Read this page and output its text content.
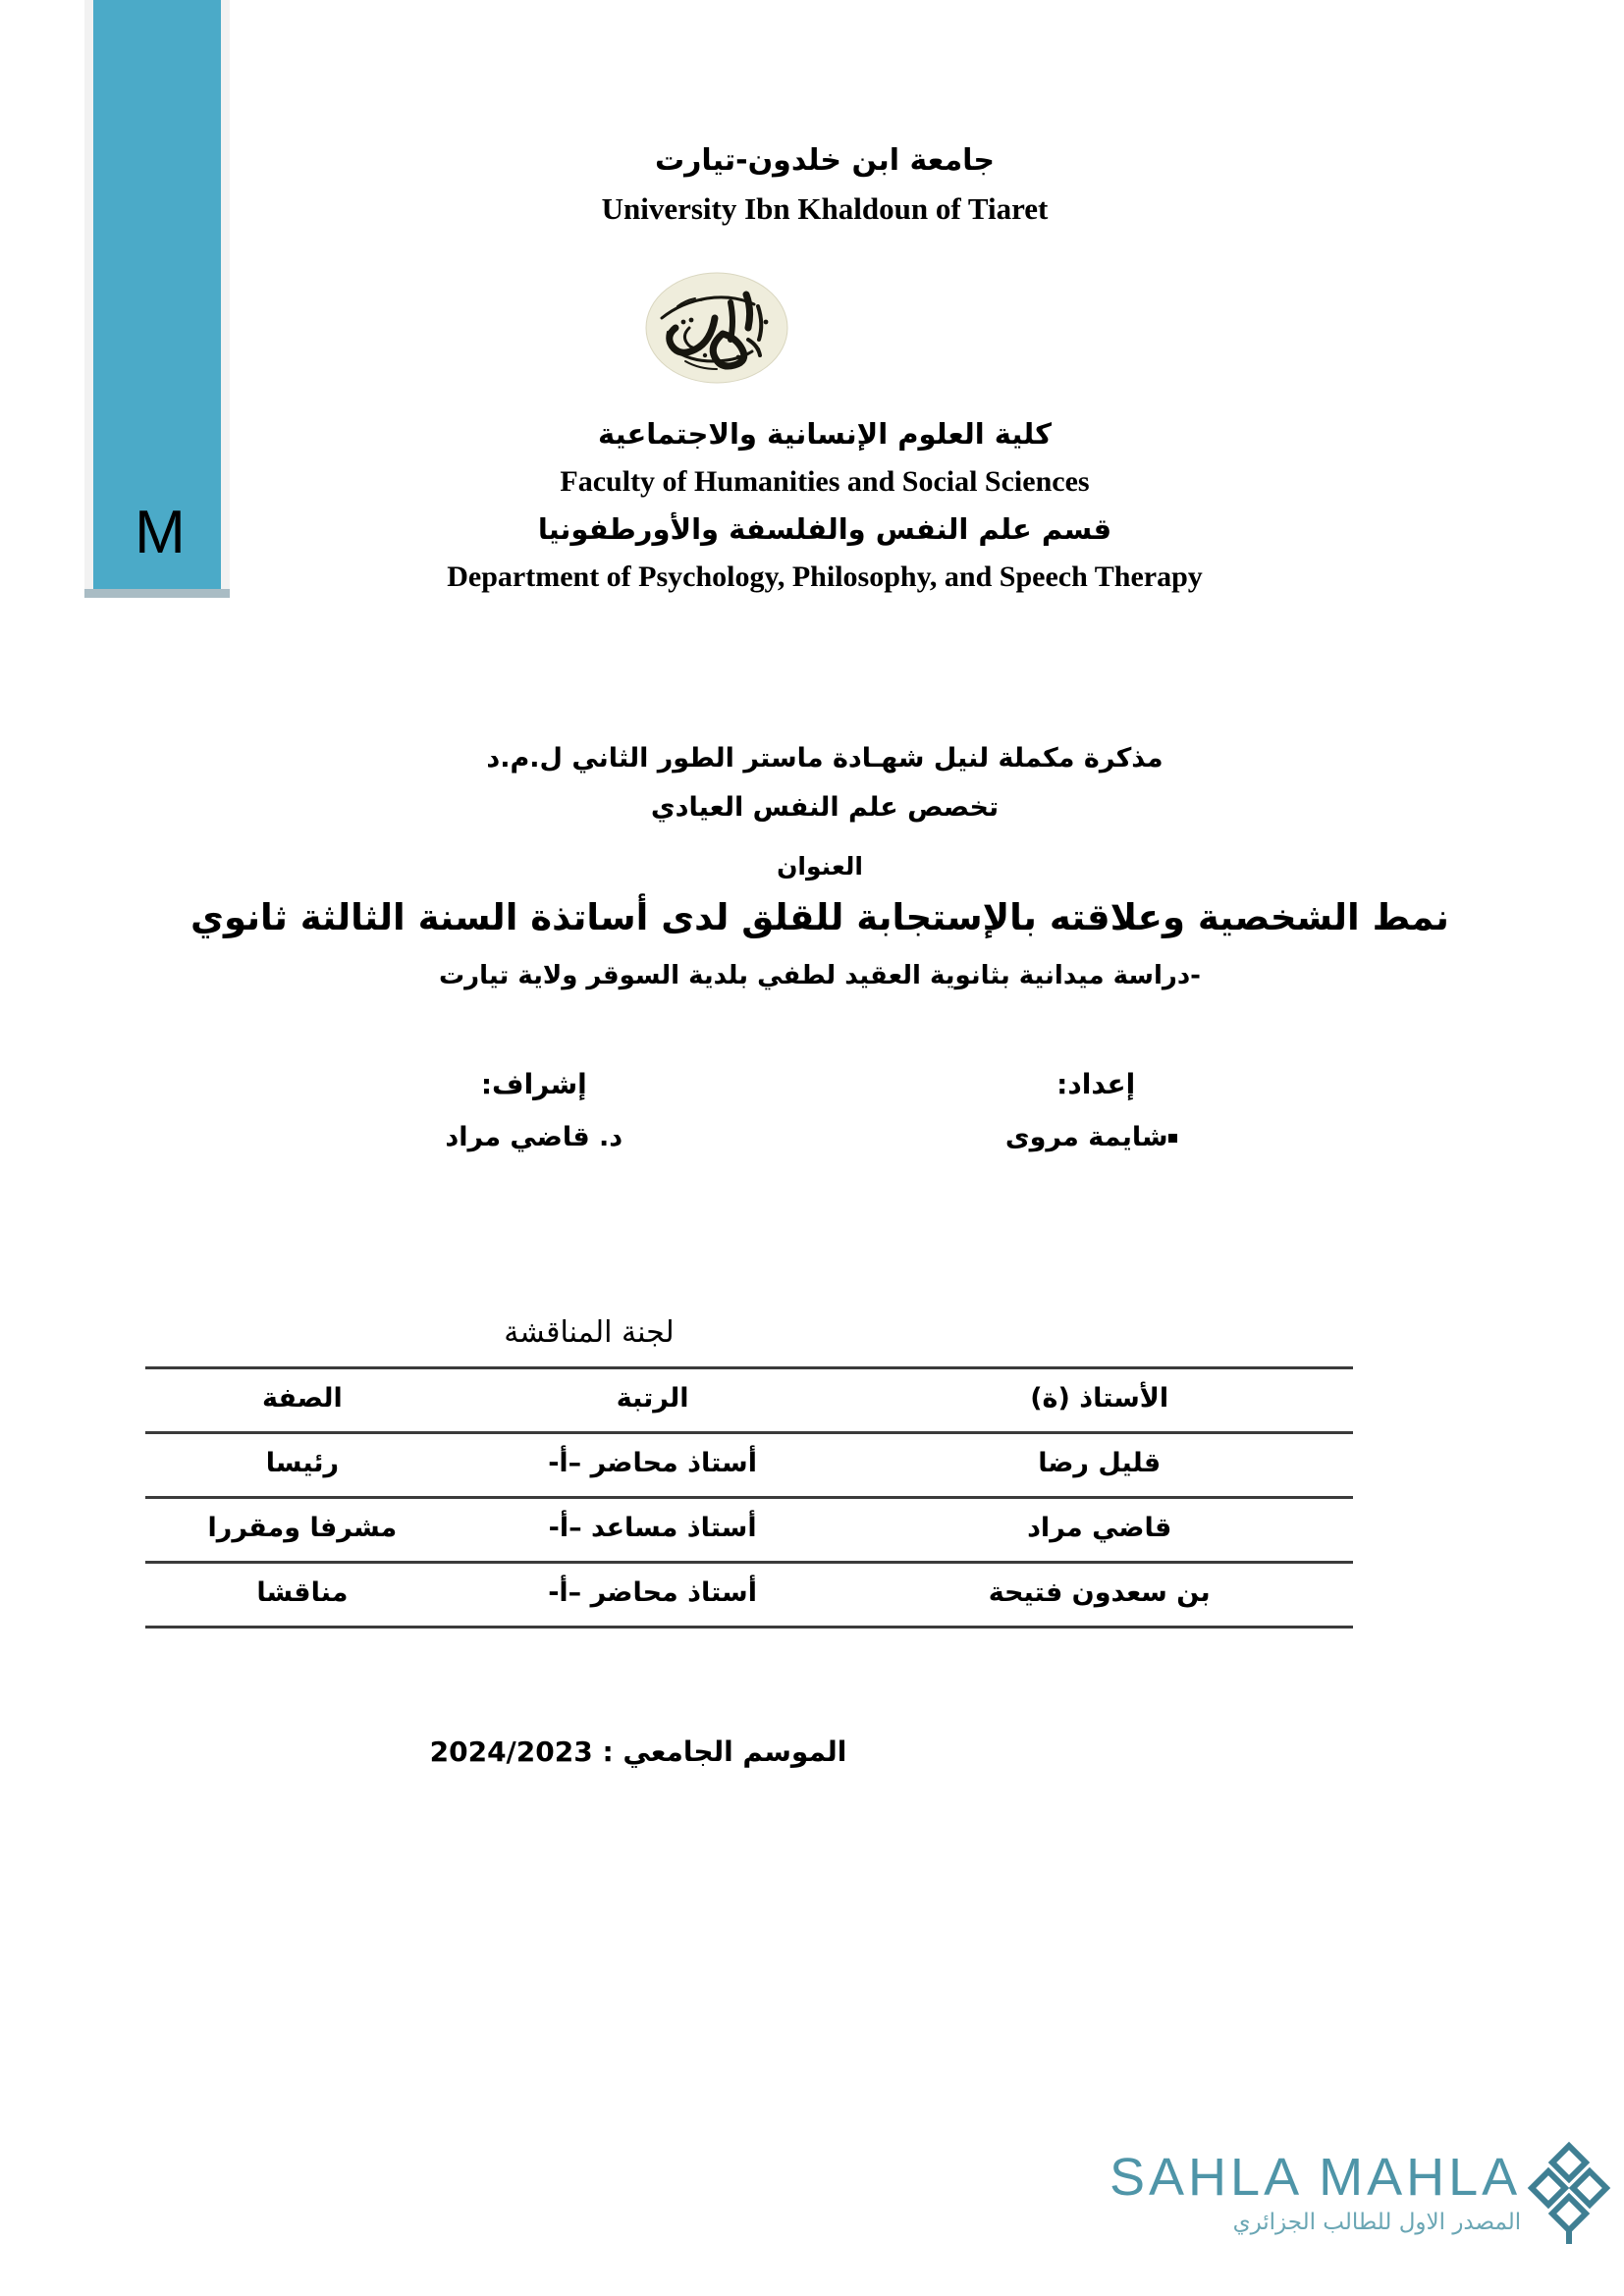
M
جامعة ابن خلدون-تيارت
University Ibn Khaldoun of Tiaret
كلية العلوم الإنسانية والاجتماعية
Faculty of Humanities and Social Sciences
قسم علم النفس والفلسفة والأورطفونيا
Department of Psychology, Philosophy, and Speech Therapy
مذكرة مكملة لنيل شهـادة ماستر الطور الثاني ل.م.د
تخصص علم النفس العيادي
العنوان
نمط الشخصية وعلاقته بالإستجابة للقلق لدى أساتذة السنة الثالثة ثانوي
-دراسة ميدانية بثانوية العقيد لطفي بلدية السوقر ولاية تيارت
إعداد:
إشراف:
شايمة مروى
د. قاضي مراد
لجنة المناقشة
الأستاذ (ة)	الرتبة	الصفة
قليل رضا	أستاذ محاضر –أ-	رئيسا
قاضي مراد	أستاذ مساعد –أ-	مشرفا ومقررا
بن سعدون فتيحة	أستاذ محاضر –أ-	مناقشا
الموسم الجامعي : 2024/2023
SAHLA MAHLA
المصدر الاول للطالب الجزائري
